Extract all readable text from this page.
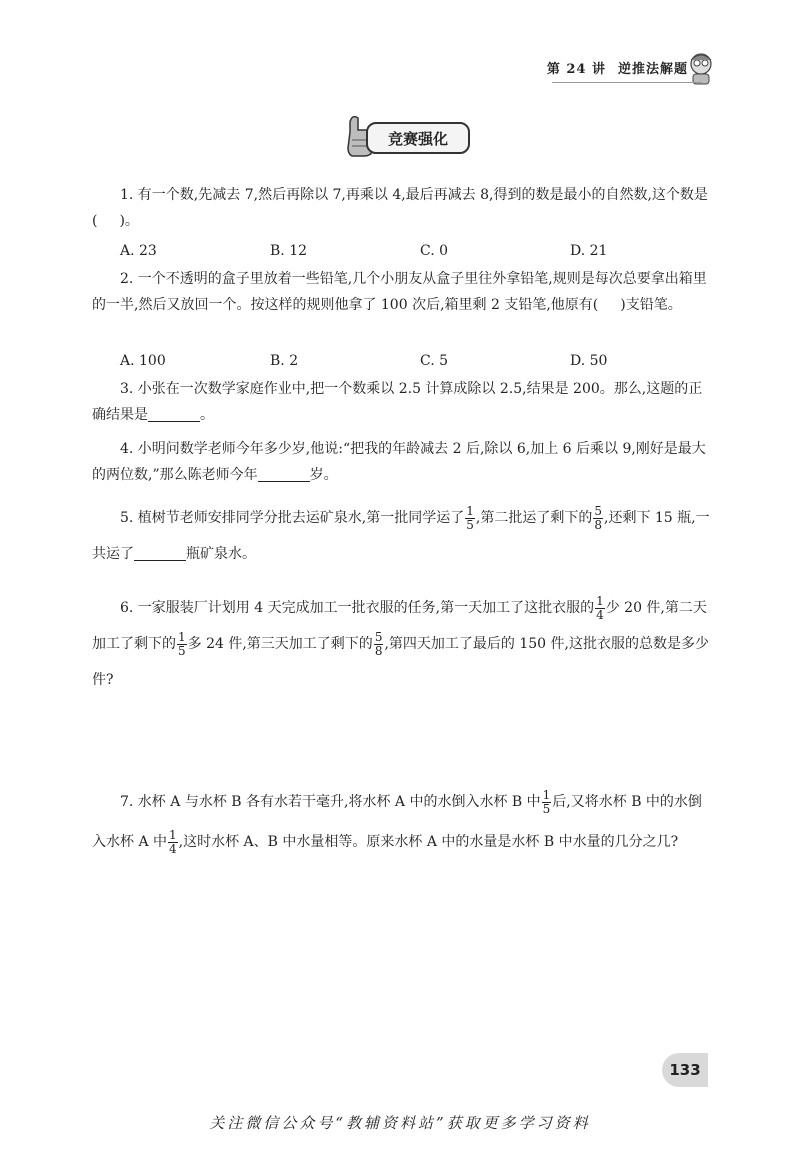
第 24 讲 逆推法解题
竞赛强化
1. 有一个数,先减去 7,然后再除以 7,再乘以 4,最后再减去 8,得到的数是最小的自然数,这个数是( )。
A. 23	B. 12	C. 0	D. 21
2. 一个不透明的盒子里放着一些铅笔,几个小朋友从盒子里往外拿铅笔,规则是每次总要拿出箱里的一半,然后又放回一个。按这样的规则他拿了 100 次后,箱里剩 2 支铅笔,他原有( )支铅笔。
A. 100	B. 2	C. 5	D. 50
3. 小张在一次数学家庭作业中,把一个数乘以 2.5 计算成除以 2.5,结果是 200。那么,这题的正确结果是	。
4. 小明问数学老师今年多少岁,他说:“把我的年龄减去 2 后,除以 6,加上 6 后乘以 9,刚好是最大的两位数,”那么陈老师今年	岁。
5. 植树节老师安排同学分批去运矿泉水,第一批同学运了 $\frac{1}{5}$ ,第二批运了剩下的 $\frac{5}{8}$ ,还剩下 15 瓶,一共运了	瓶矿泉水。
6. 一家服装厂计划用 4 天完成加工一批衣服的任务,第一天加工了这批衣服的 $\frac{1}{4}$ 少 20 件,第二天加工了剩下的 $\frac{1}{5}$ 多 24 件,第三天加工了剩下的 $\frac{5}{8}$ ,第四天加工了最后的 150 件,这批衣服的总数是多少件?
7. 水杯 A 与水杯 B 各有水若干毫升,将水杯 A 中的水倒入水杯 B 中 $\frac{1}{5}$ 后,又将水杯 B 中的水倒入水杯 A 中 $\frac{1}{4}$ ,这时水杯 A、B 中水量相等。原来水杯 A 中的水量是水杯 B 中水量的几分之几?
133
关注微信公众号“教辅资料站”获取更多学习资料
